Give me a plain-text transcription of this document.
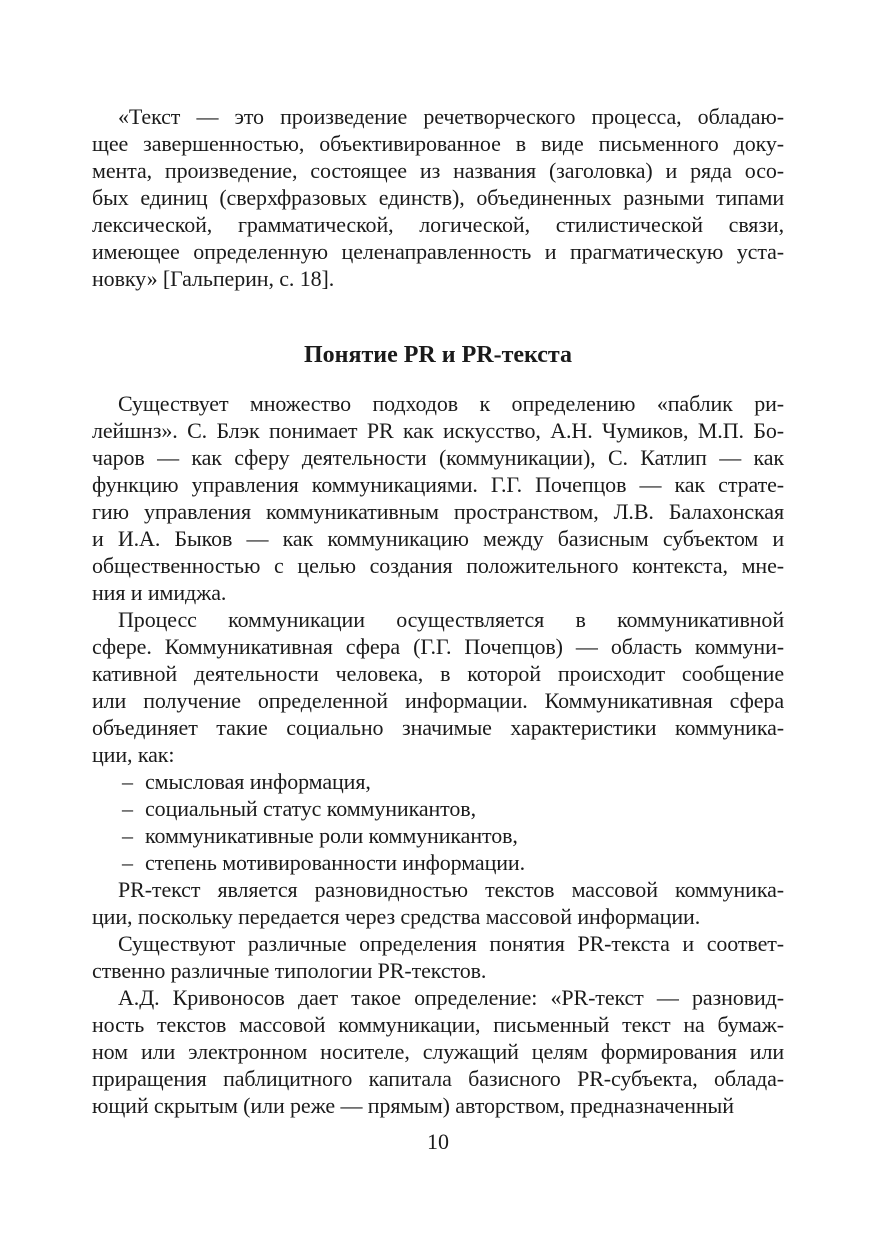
«Текст — это произведение речетворческого процесса, обладаю-
щее завершенностью, объективированное в виде письменного доку-
мента, произведение, состоящее из названия (заголовка) и ряда осо-
бых единиц (сверхфразовых единств), объединенных разными типами
лексической, грамматической, логической, стилистической связи,
имеющее определенную целенаправленность и прагматическую уста-
новку» [Гальперин, с. 18].
Понятие PR и PR-текста
Существует множество подходов к определению «паблик ри-
лейшнз». С. Блэк понимает PR как искусство, А.Н. Чумиков, М.П. Бо-
чаров — как сферу деятельности (коммуникации), С. Катлип — как
функцию управления коммуникациями. Г.Г. Почепцов — как страте-
гию управления коммуникативным пространством, Л.В. Балахонская
и И.А. Быков — как коммуникацию между базисным субъектом и
общественностью с целью создания положительного контекста, мне-
ния и имиджа.
Процесс коммуникации осуществляется в коммуникативной
сфере. Коммуникативная сфера (Г.Г. Почепцов) — область коммуни-
кативной деятельности человека, в которой происходит сообщение
или получение определенной информации. Коммуникативная сфера
объединяет такие социально значимые характеристики коммуника-
ции, как:
– смысловая информация,
– социальный статус коммуникантов,
– коммуникативные роли коммуникантов,
– степень мотивированности информации.
PR-текст является разновидностью текстов массовой коммуника-
ции, поскольку передается через средства массовой информации.
Существуют различные определения понятия PR-текста и соответ-
ственно различные типологии PR-текстов.
А.Д. Кривоносов дает такое определение: «PR-текст — разновид-
ность текстов массовой коммуникации, письменный текст на бумаж-
ном или электронном носителе, служащий целям формирования или
приращения паблицитного капитала базисного PR-субъекта, облада-
ющий скрытым (или реже — прямым) авторством, предназначенный
10
